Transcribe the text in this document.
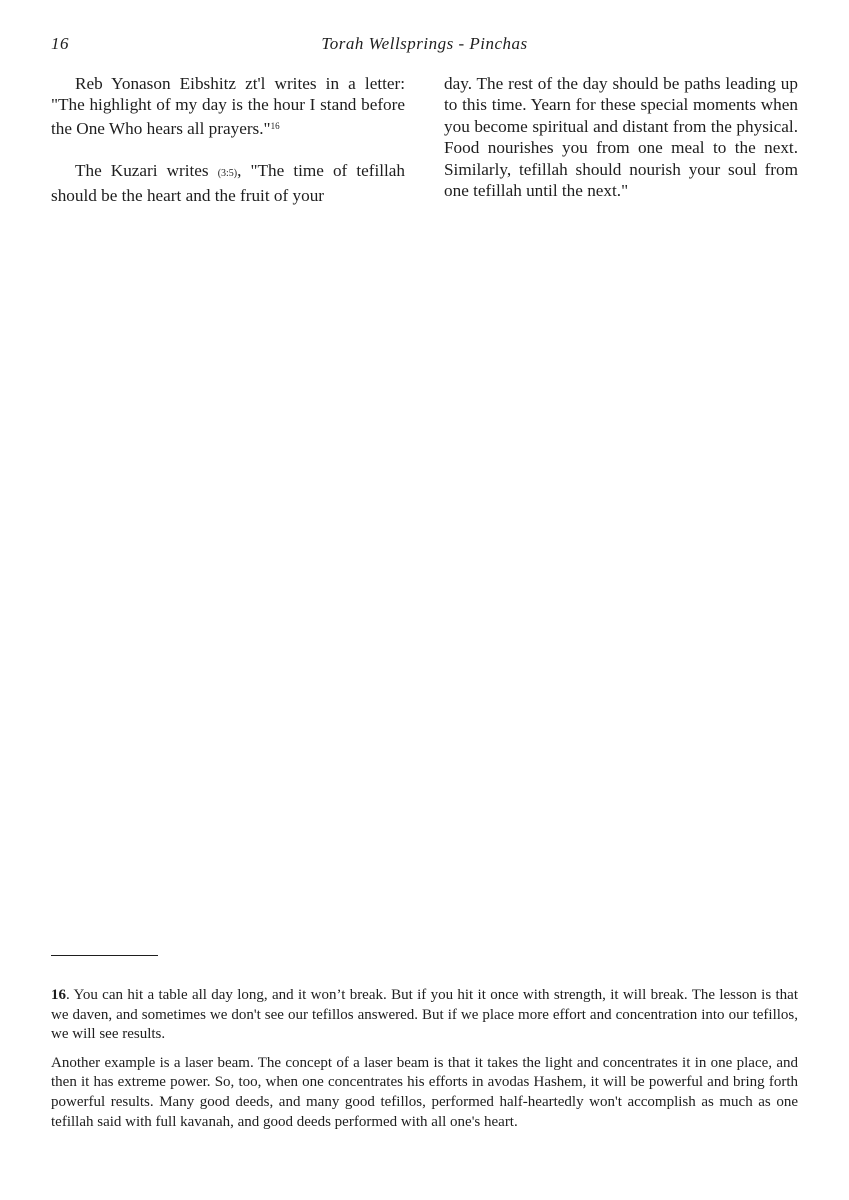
Torah Wellsprings - Pinchas
16

Reb Yonason Eibshitz zt'l writes in a letter: "The highlight of my day is the hour I stand before the One Who hears all prayers."$^{16}$

The Kuzari writes (3:5), "The time of tefillah should be the heart and the fruit of your

day. The rest of the day should be paths leading up to this time. Yearn for these special moments when you become spiritual and distant from the physical. Food nourishes you from one meal to the next. Similarly, tefillah should nourish your soul from one tefillah until the next."

16. You can hit a table all day long, and it won’t break. But if you hit it once with strength, it will break. The lesson is that we daven, and sometimes we don't see our tefillos answered. But if we place more effort and concentration into our tefillos, we will see results.

Another example is a laser beam. The concept of a laser beam is that it takes the light and concentrates it in one place, and then it has extreme power. So, too, when one concentrates his efforts in avodas Hashem, it will be powerful and bring forth powerful results. Many good deeds, and many good tefillos, performed half-heartedly won't accomplish as much as one tefillah said with full kavanah, and good deeds performed with all one's heart.
